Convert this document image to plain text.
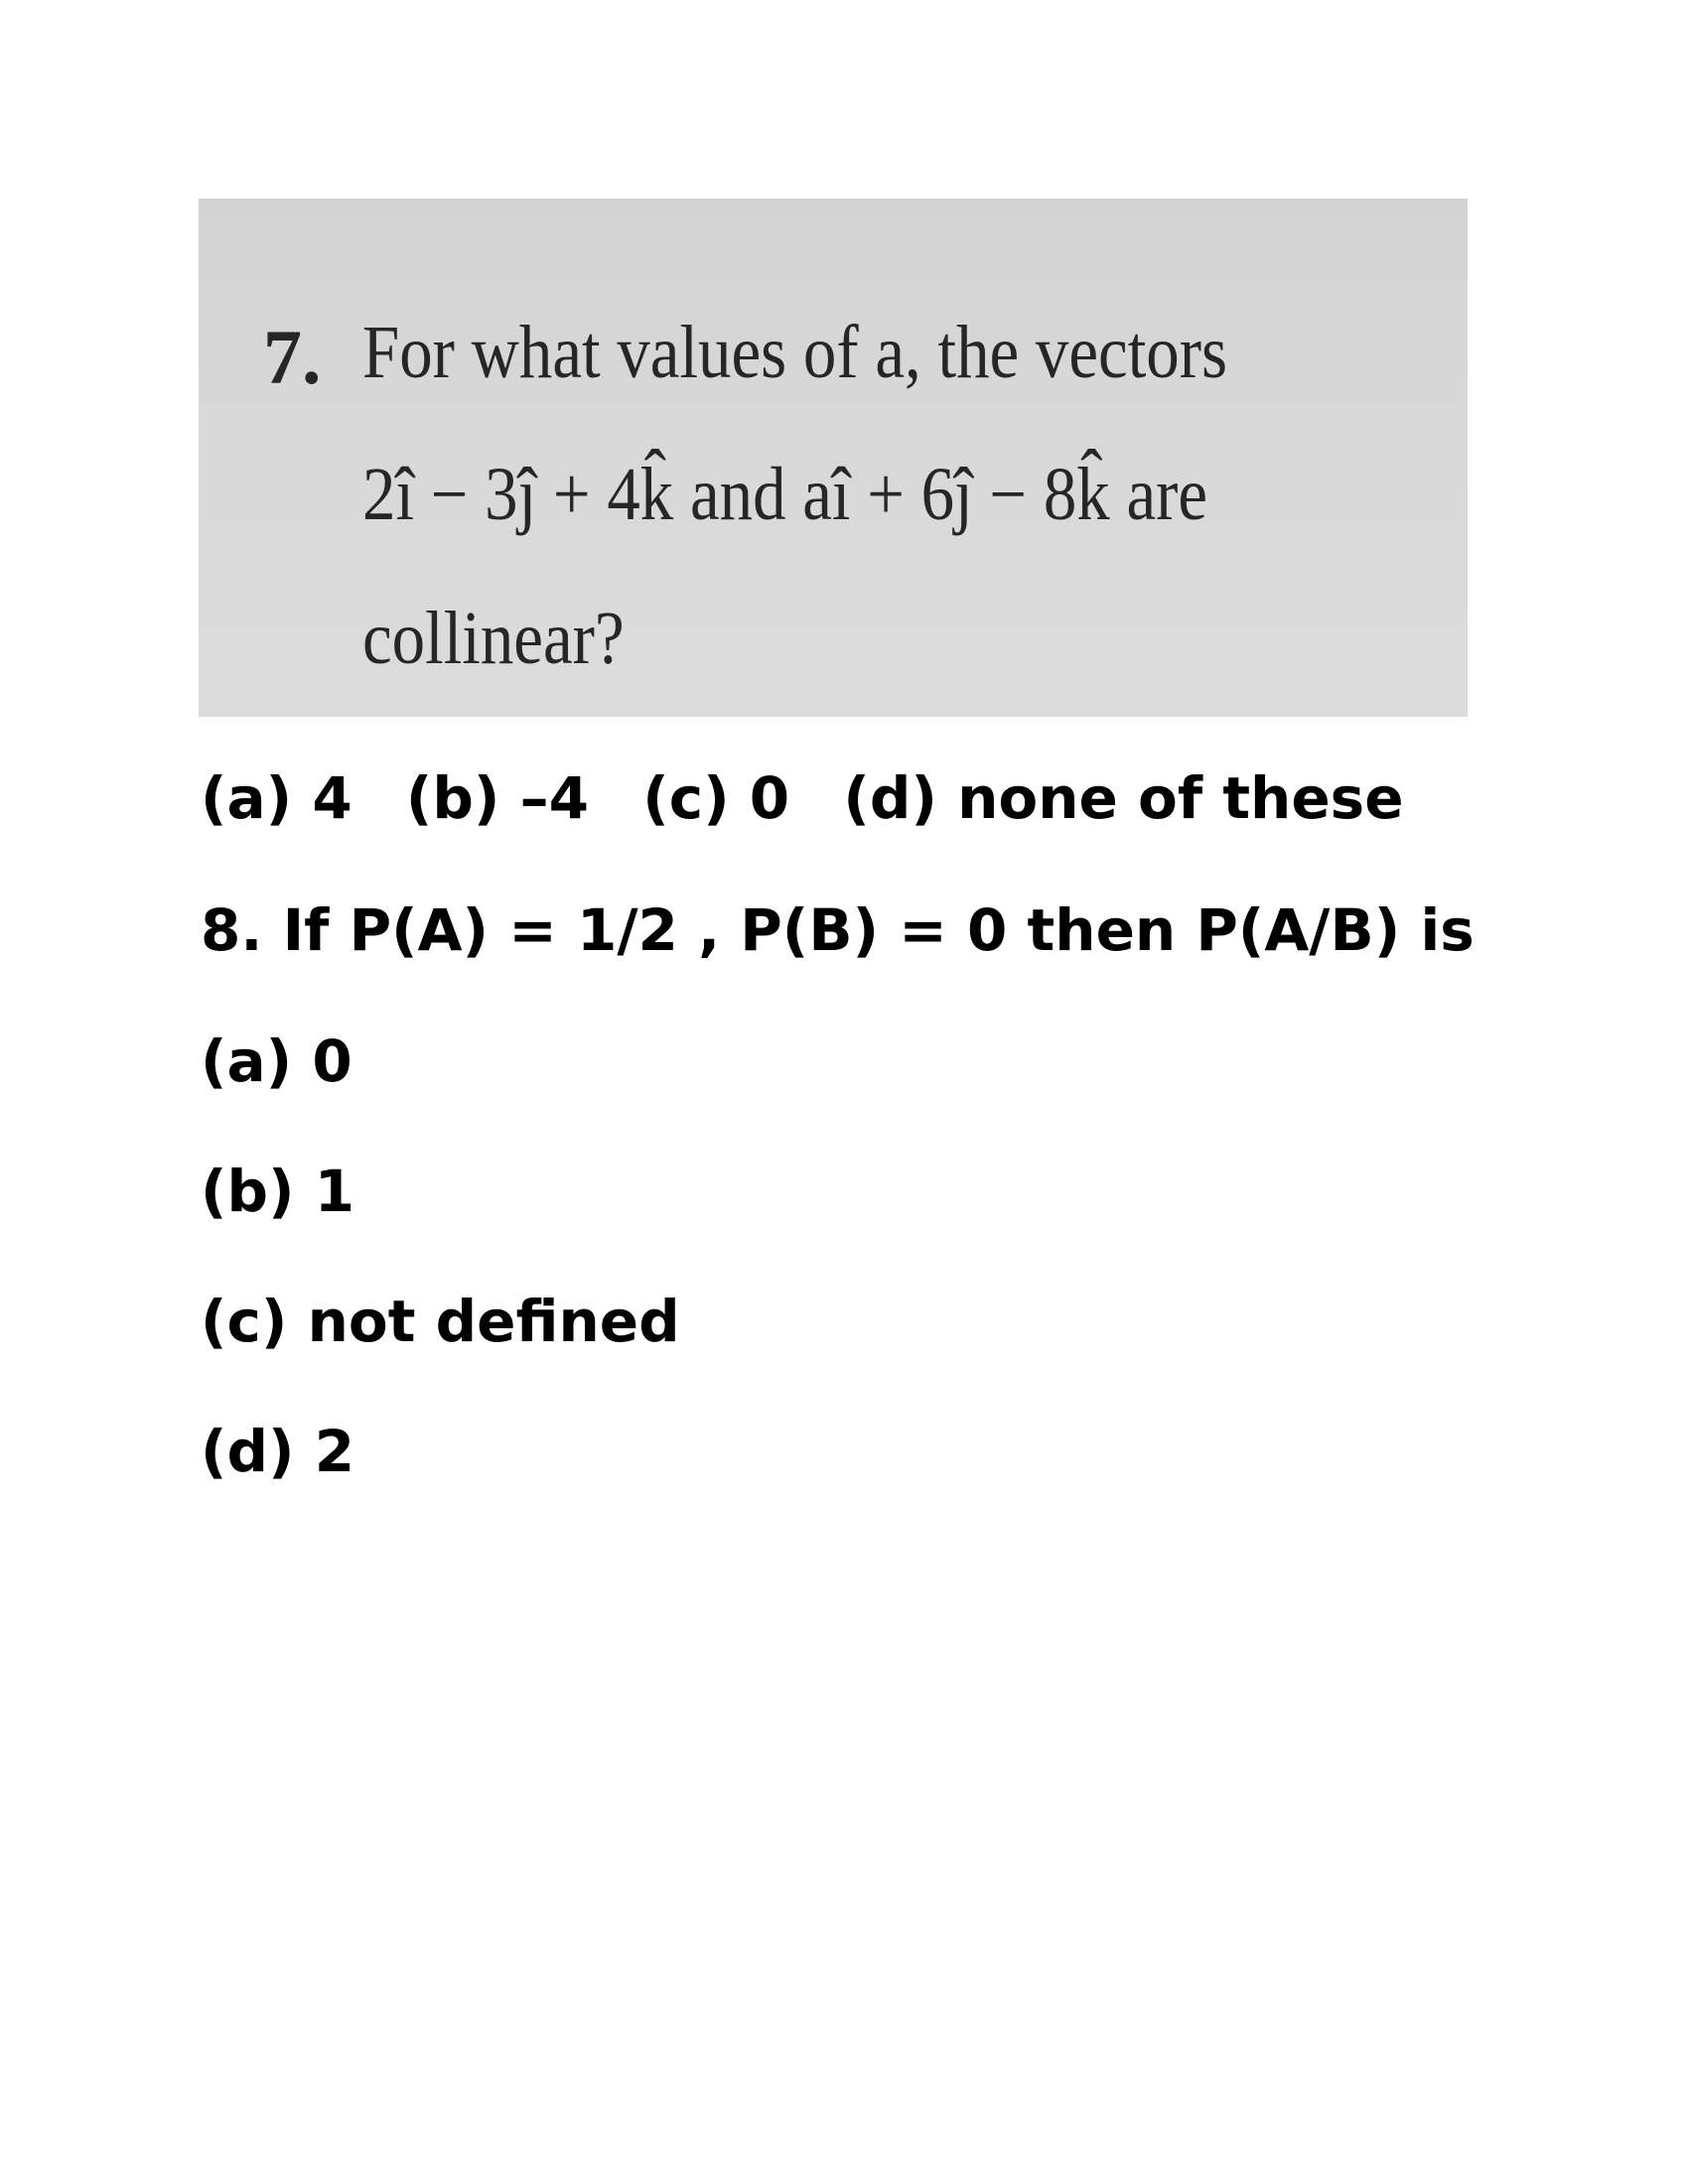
7. For what values of a, the vectors
2î − 3ĵ + 4k̂ and aî + 6ĵ − 8k̂ are
collinear?
(a) 4 (b) –4 (c) 0 (d) none of these
8. If P(A) = 1/2 , P(B) = 0 then P(A/B) is
(a) 0
(b) 1
(c) not defined
(d) 2
